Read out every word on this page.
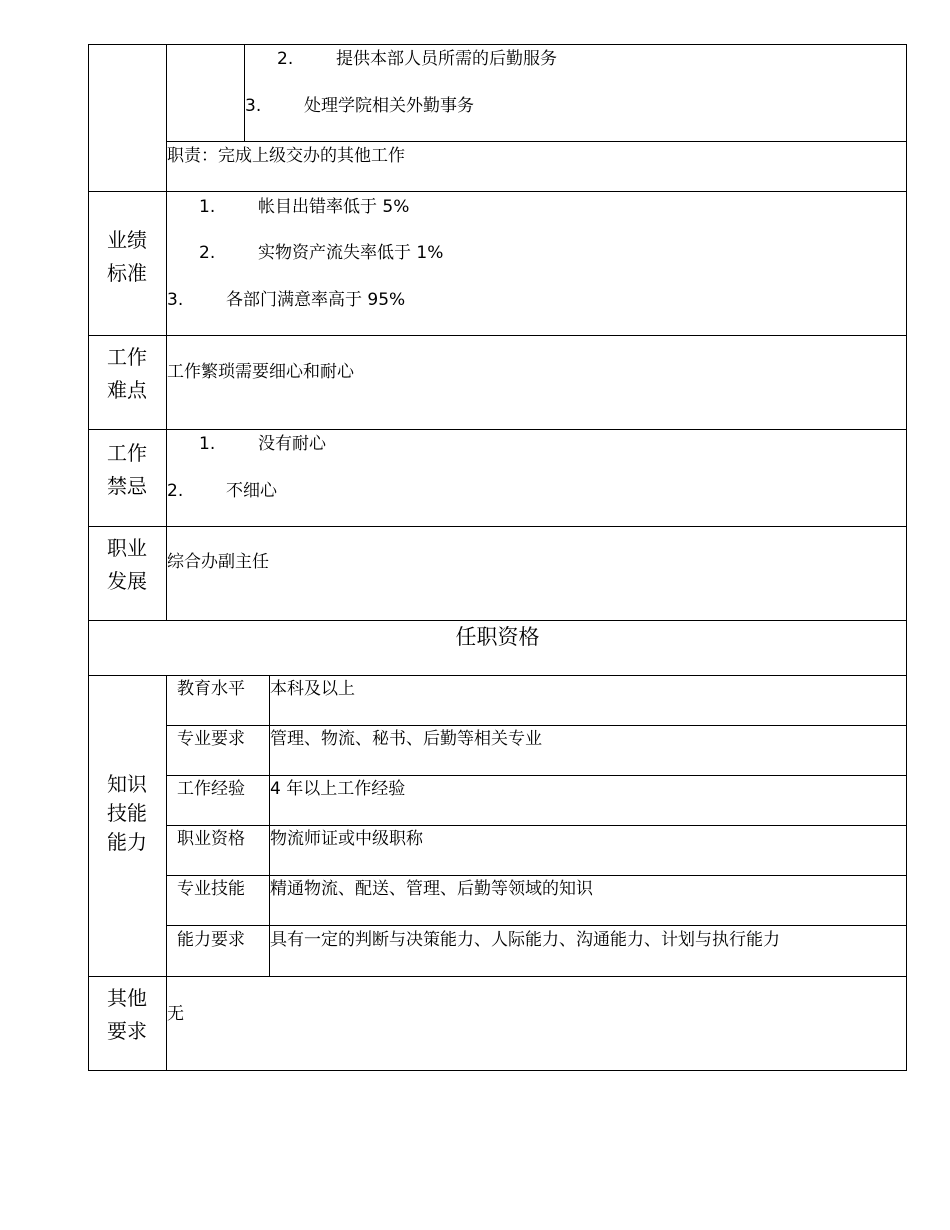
2.	提供本部人员所需的后勤服务
3.	处理学院相关外勤事务
职责：完成上级交办的其他工作
业绩
标准
1.	帐目出错率低于 5%
2.	实物资产流失率低于 1%
3.	各部门满意率高于 95%
工作
难点
工作繁琐需要细心和耐心
工作
禁忌
1.	没有耐心
2.	不细心
职业
发展
综合办副主任
任职资格
知识
技能
能力
教育水平 本科及以上
专业要求 管理、物流、秘书、后勤等相关专业
工作经验 4 年以上工作经验
职业资格 物流师证或中级职称
专业技能 精通物流、配送、管理、后勤等领域的知识
能力要求 具有一定的判断与决策能力、人际能力、沟通能力、计划与执行能力
其他
要求
无
